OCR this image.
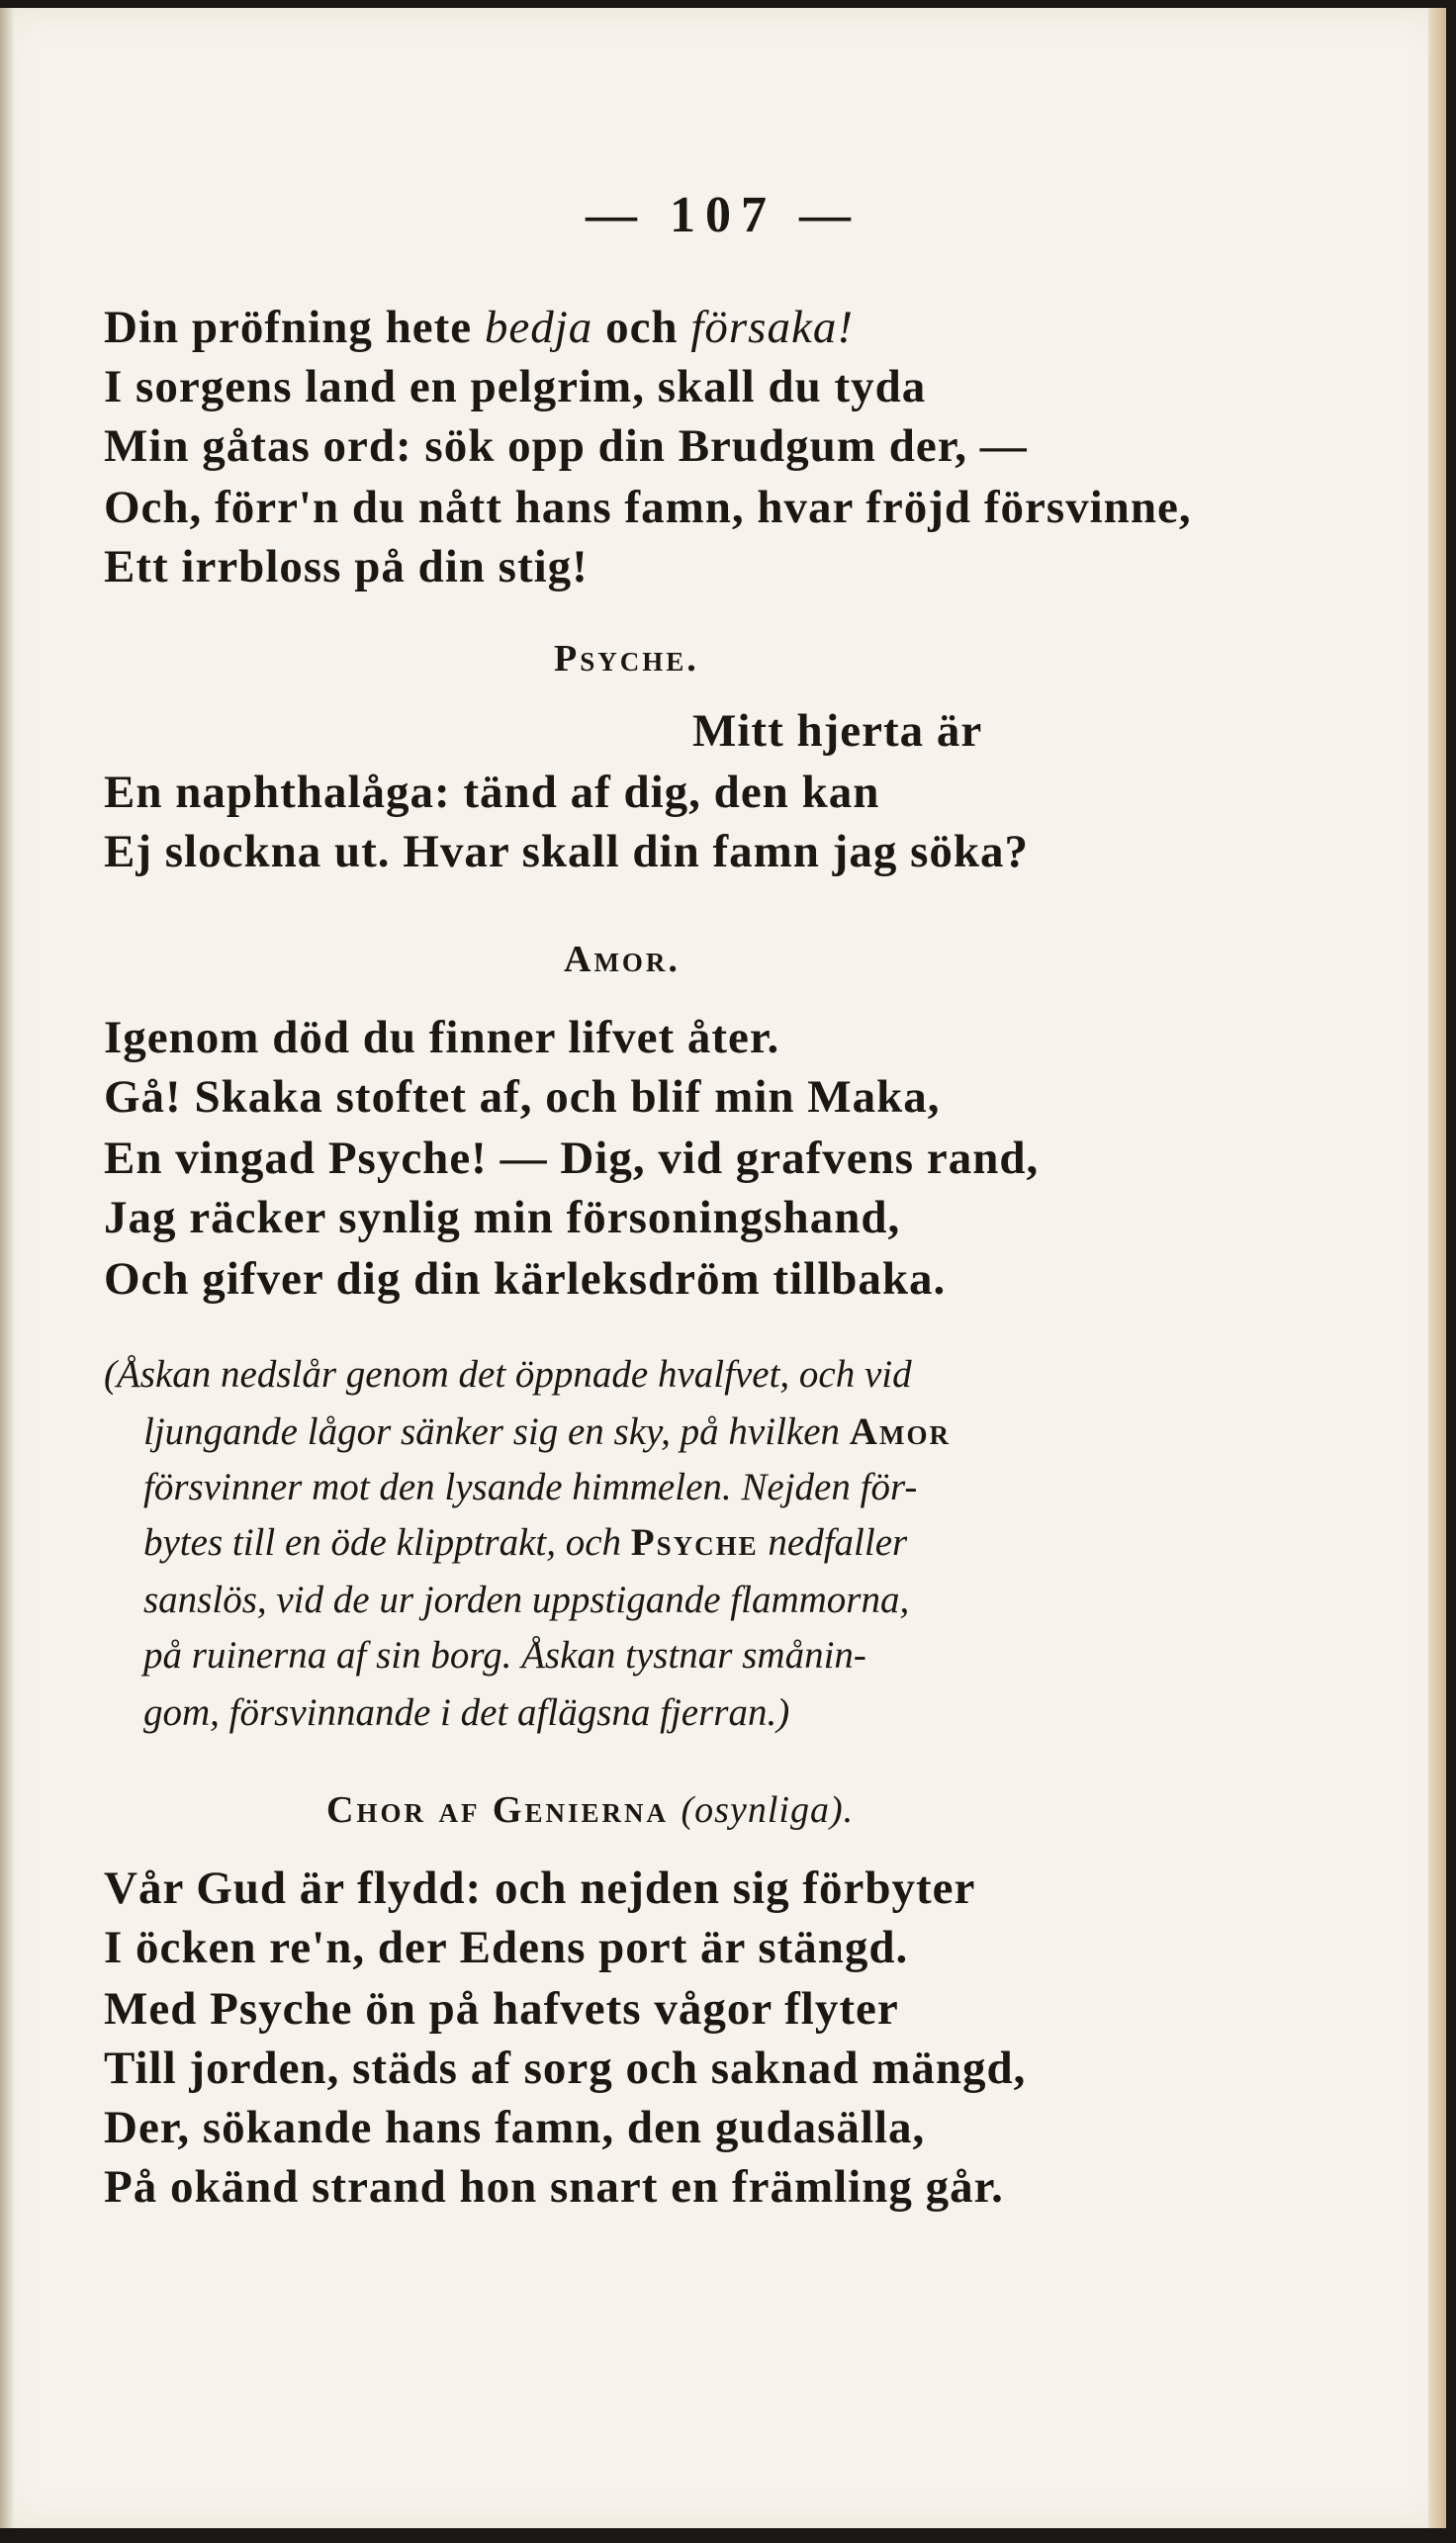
— 107 —
Din pröfning hete bedja och försaka!
I sorgens land en pelgrim, skall du tyda
Min gåtas ord: sök opp din Brudgum der, —
Och, förr'n du nått hans famn, hvar fröjd försvinne,
Ett irrbloss på din stig!
Psyche.
Mitt hjerta är
En naphthalåga: tänd af dig, den kan
Ej slockna ut. Hvar skall din famn jag söka?
Amor.
Igenom död du finner lifvet åter.
Gå! Skaka stoftet af, och blif min Maka,
En vingad Psyche! — Dig, vid grafvens rand,
Jag räcker synlig min försoningshand,
Och gifver dig din kärleksdröm tillbaka.
(Åskan nedslår genom det öppnade hvalfvet, och vid
ljungande lågor sänker sig en sky, på hvilken Amor
försvinner mot den lysande himmelen. Nejden för-
bytes till en öde klipptrakt, och Psyche nedfaller
sanslös, vid de ur jorden uppstigande flammorna,
på ruinerna af sin borg. Åskan tystnar smånin-
gom, försvinnande i det aflägsna fjerran.)
Chor af Genierna (osynliga).
Vår Gud är flydd: och nejden sig förbyter
I öcken re'n, der Edens port är stängd.
Med Psyche ön på hafvets vågor flyter
Till jorden, städs af sorg och saknad mängd,
Der, sökande hans famn, den gudasälla,
På okänd strand hon snart en främling går.
